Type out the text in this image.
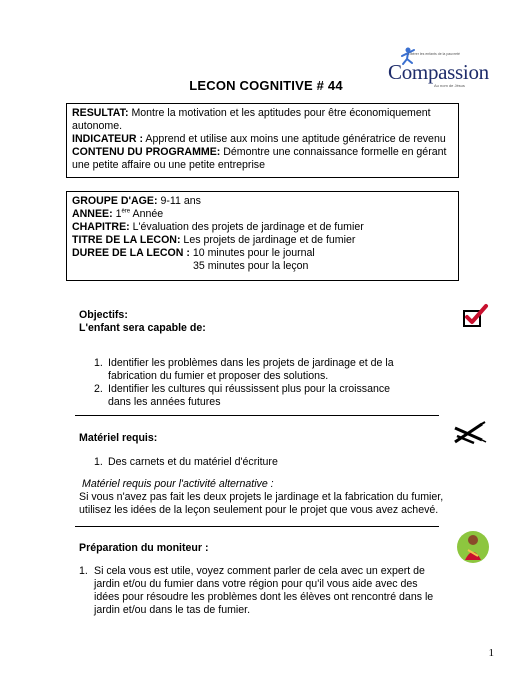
LECON COGNITIVE # 44
Libérer les enfants de la pauvreté
Compassion
Au nom de Jésus

RESULTAT: Montre la motivation et les aptitudes pour être économiquement autonome.

INDICATEUR : Apprend et utilise aux moins une aptitude génératrice de revenu

CONTENU DU PROGRAMME: Démontre une connaissance formelle en gérant une petite affaire ou une petite entreprise

GROUPE D'AGE: 9-11 ans

ANNEE: 1ère Année

CHAPITRE: L'évaluation des projets de jardinage et de fumier

TITRE DE LA LECON: Les projets de jardinage et de fumier

DUREE DE LA LECON : 10 minutes pour le journal

35 minutes pour la leçon

Objectifs:
L'enfant sera capable de:
1. Identifier les problèmes dans les projets de jardinage et de la fabrication du fumier et proposer des solutions.
2. Identifier les cultures qui réussissent plus pour la croissance dans les années futures
Matériel requis:
1. Des carnets et du matériel d'écriture
Matériel requis pour l'activité alternative :
Si vous n'avez pas fait les deux projets le jardinage et la fabrication du fumier, utilisez les idées de la leçon seulement pour le projet que vous avez achevé.
Préparation du moniteur :
1. Si cela vous est utile, voyez comment parler de cela avec un expert de jardin et/ou du fumier dans votre région pour qu'il vous aide avec des idées pour résoudre les problèmes dont les élèves ont rencontré dans le jardin et/ou dans le tas de fumier.
1
